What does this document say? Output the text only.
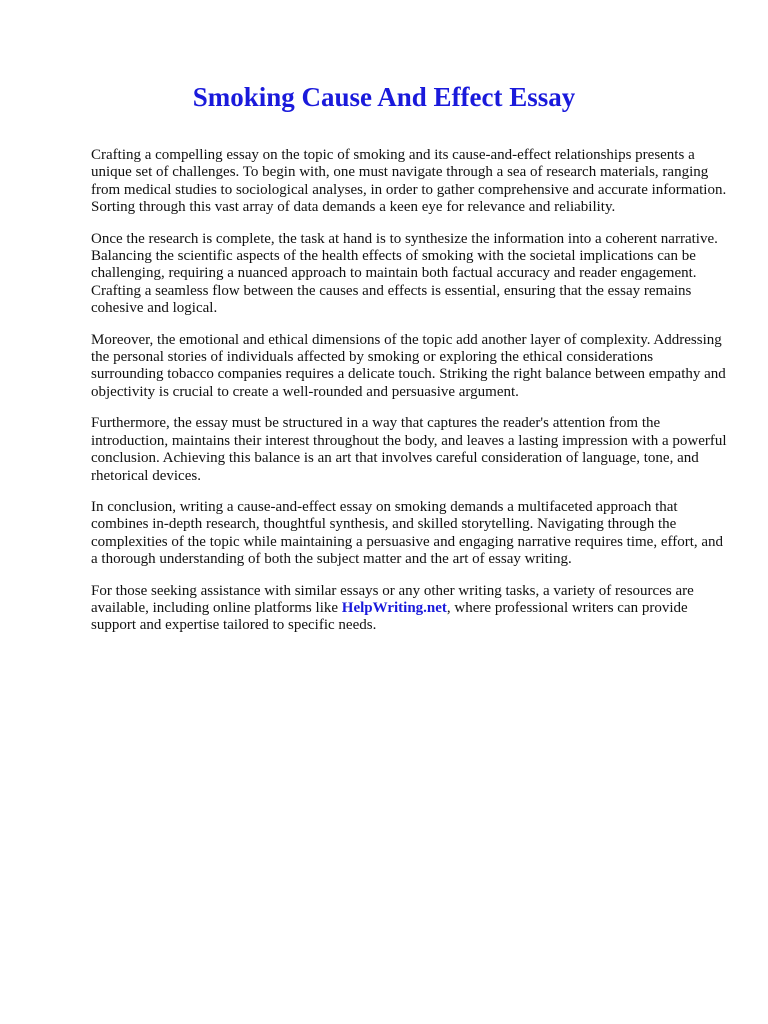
Smoking Cause And Effect Essay

Crafting a compelling essay on the topic of smoking and its cause-and-effect relationships presents a unique set of challenges. To begin with, one must navigate through a sea of research materials, ranging from medical studies to sociological analyses, in order to gather comprehensive and accurate information. Sorting through this vast array of data demands a keen eye for relevance and reliability.

Once the research is complete, the task at hand is to synthesize the information into a coherent narrative. Balancing the scientific aspects of the health effects of smoking with the societal implications can be challenging, requiring a nuanced approach to maintain both factual accuracy and reader engagement. Crafting a seamless flow between the causes and effects is essential, ensuring that the essay remains cohesive and logical.

Moreover, the emotional and ethical dimensions of the topic add another layer of complexity. Addressing the personal stories of individuals affected by smoking or exploring the ethical considerations surrounding tobacco companies requires a delicate touch. Striking the right balance between empathy and objectivity is crucial to create a well-rounded and persuasive argument.

Furthermore, the essay must be structured in a way that captures the reader's attention from the introduction, maintains their interest throughout the body, and leaves a lasting impression with a powerful conclusion. Achieving this balance is an art that involves careful consideration of language, tone, and rhetorical devices.

In conclusion, writing a cause-and-effect essay on smoking demands a multifaceted approach that combines in-depth research, thoughtful synthesis, and skilled storytelling. Navigating through the complexities of the topic while maintaining a persuasive and engaging narrative requires time, effort, and a thorough understanding of both the subject matter and the art of essay writing.

For those seeking assistance with similar essays or any other writing tasks, a variety of resources are available, including online platforms like HelpWriting.net, where professional writers can provide support and expertise tailored to specific needs.
